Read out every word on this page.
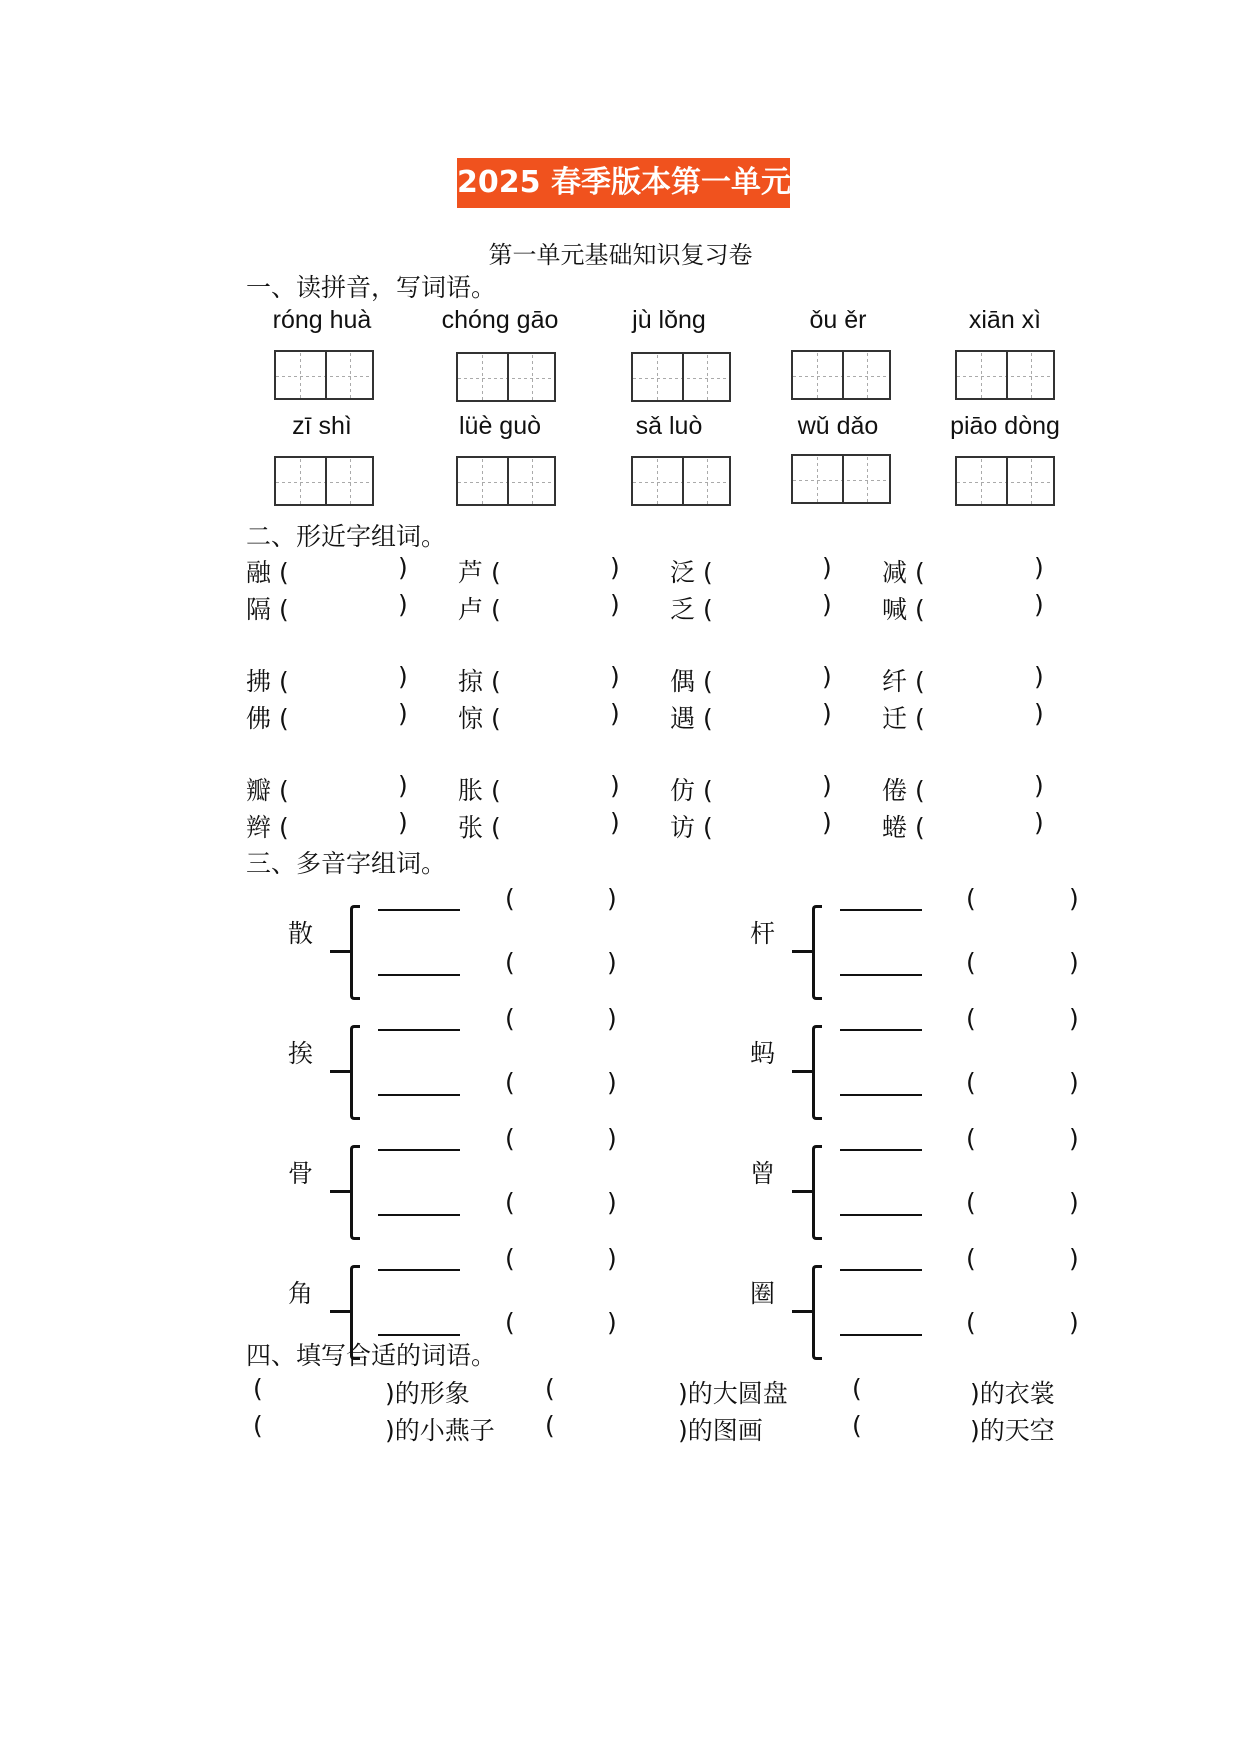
2025 春季版本第一单元
第一单元基础知识复习卷
一、读拼音，写词语。
二、形近字组词。
三、多音字组词。
四、填写合适的词语。
róng huà	chóng gāo	jù lǒng	ǒu ěr	xiān xì
zī shì	lüè guò	sǎ luò	wǔ dǎo	piāo dòng
融 (	) 芦 (	) 泛 (	) 减 (	)
隔 (	) 卢 (	) 乏 (	) 喊 (	)
拂 (	) 掠 (	) 偶 (	) 纤 (	)
佛 (	) 惊 (	) 遇 (	) 迁 (	)
瓣 (	) 胀 (	) 仿 (	) 倦 (	)
辫 (	) 张 (	) 访 (	) 蜷 (	)
散
(	)
(	)
挨
(	)
(	)
骨
(	)
(	)
角
(	)
(	)
杆
(	)
(	)
蚂
(	)
(	)
曾
(	)
(	)
圈
(	)
(	)
(	)的形象	(	)的大圆盘	(	)的衣裳
(	)的小燕子 (	)的图画	(	)的天空
